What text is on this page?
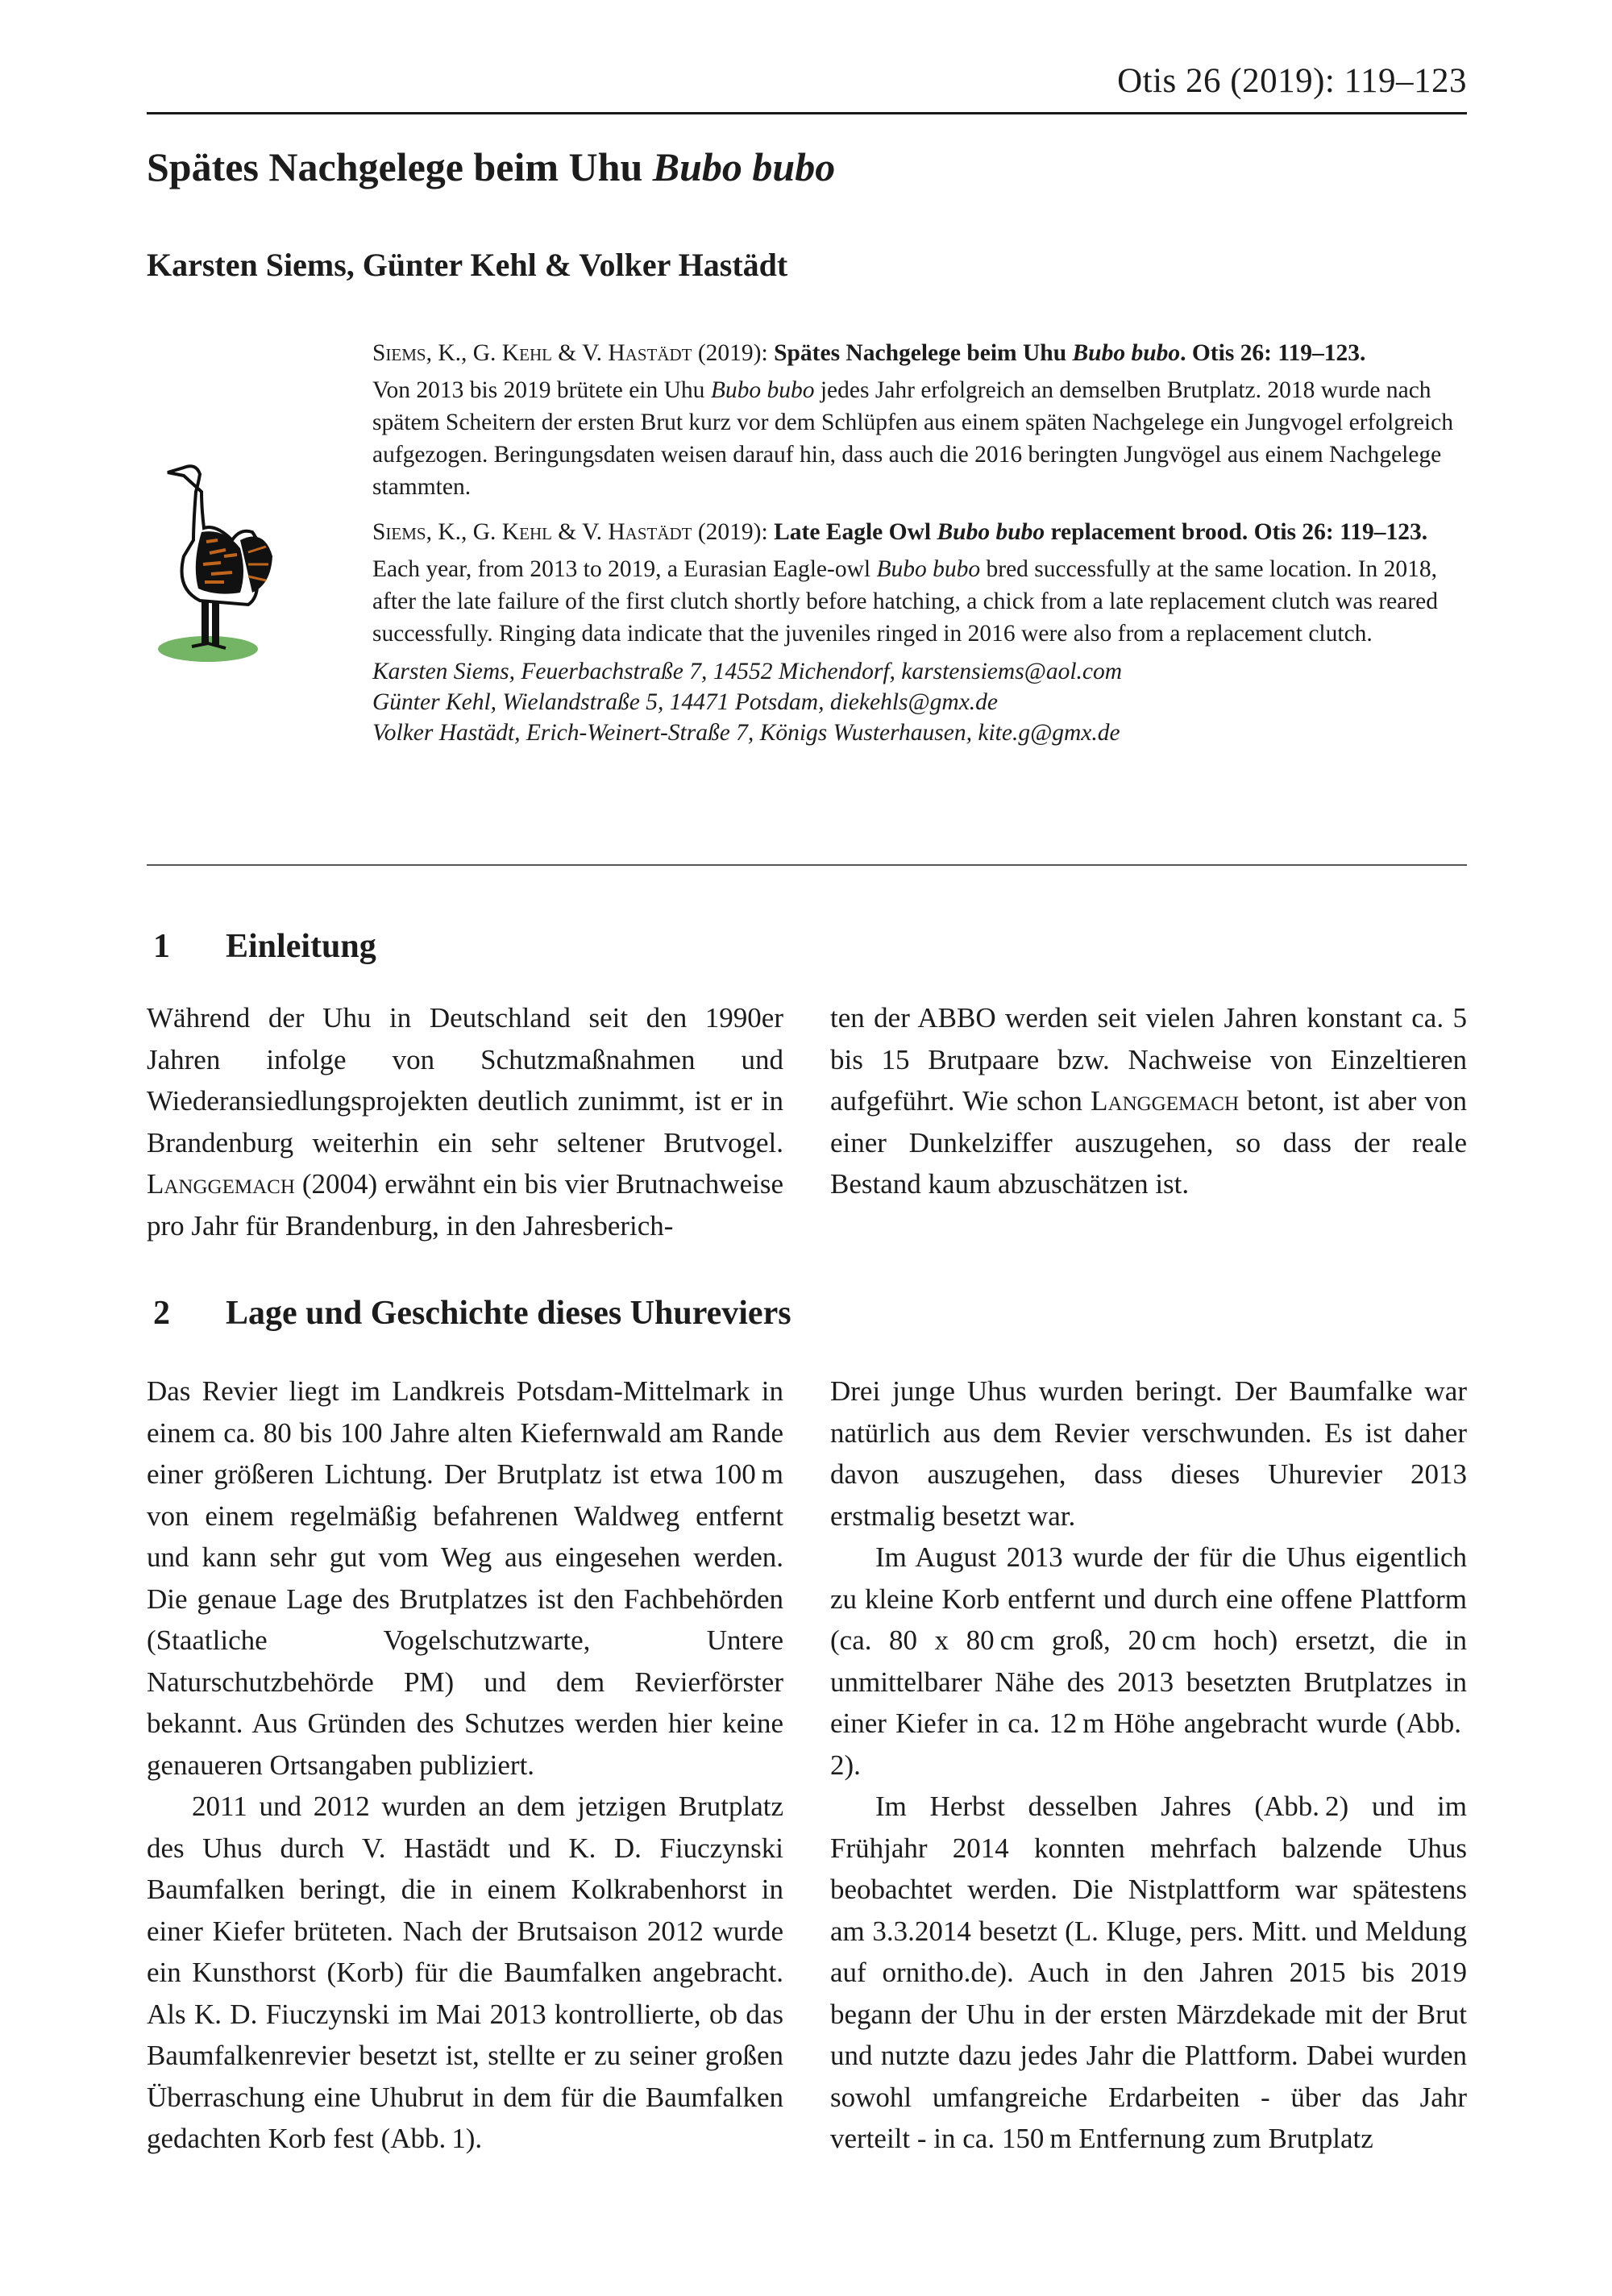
Otis 26 (2019): 119–123
Spätes Nachgelege beim Uhu Bubo bubo
Karsten Siems, Günter Kehl & Volker Hastädt

Siems, K., G. Kehl & V. Hastädt (2019): Spätes Nachgelege beim Uhu Bubo bubo. Otis 26: 119–123.

Von 2013 bis 2019 brütete ein Uhu Bubo bubo jedes Jahr erfolgreich an demselben Brutplatz. 2018 wurde nach spätem Scheitern der ersten Brut kurz vor dem Schlüpfen aus einem späten Nachgelege ein Jungvogel erfolgreich aufgezogen. Beringungsdaten weisen darauf hin, dass auch die 2016 beringten Jungvögel aus einem Nachgelege stammten.

Siems, K., G. Kehl & V. Hastädt (2019): Late Eagle Owl Bubo bubo replacement brood. Otis 26: 119–123.

Each year, from 2013 to 2019, a Eurasian Eagle-owl Bubo bubo bred successfully at the same location. In 2018, after the late failure of the first clutch shortly before hatching, a chick from a late replacement clutch was reared successfully. Ringing data indicate that the juveniles ringed in 2016 were also from a replacement clutch.

Karsten Siems, Feuerbachstraße 7, 14552 Michendorf, karstensiems@aol.com

Günter Kehl, Wielandstraße 5, 14471 Potsdam, diekehls@gmx.de

Volker Hastädt, Erich-Weinert-Straße 7, Königs Wusterhausen, kite.g@gmx.de

1 Einleitung

Während der Uhu in Deutschland seit den 1990er Jahren infolge von Schutzmaßnahmen und Wiederansiedlungsprojekten deutlich zunimmt, ist er in Brandenburg weiterhin ein sehr seltener Brutvogel. Langgemach (2004) erwähnt ein bis vier Brutnachweise pro Jahr für Brandenburg, in den Jahresberich-

ten der ABBO werden seit vielen Jahren konstant ca. 5 bis 15 Brutpaare bzw. Nachweise von Einzeltieren aufgeführt. Wie schon Langgemach betont, ist aber von einer Dunkelziffer auszugehen, so dass der reale Bestand kaum abzuschätzen ist.

2 Lage und Geschichte dieses Uhureviers

Das Revier liegt im Landkreis Potsdam-Mittelmark in einem ca. 80 bis 100 Jahre alten Kiefernwald am Rande einer größeren Lichtung. Der Brutplatz ist etwa 100 m von einem regelmäßig befahrenen Waldweg entfernt und kann sehr gut vom Weg aus eingesehen werden. Die genaue Lage des Brutplatzes ist den Fachbehörden (Staatliche Vogelschutzwarte, Untere Naturschutzbehörde PM) und dem Revierförster bekannt. Aus Gründen des Schutzes werden hier keine genaueren Ortsangaben publiziert.

2011 und 2012 wurden an dem jetzigen Brutplatz des Uhus durch V. Hastädt und K. D. Fiuczynski Baumfalken beringt, die in einem Kolkrabenhorst in einer Kiefer brüteten. Nach der Brutsaison 2012 wurde ein Kunsthorst (Korb) für die Baumfalken angebracht. Als K. D. Fiuczynski im Mai 2013 kontrollierte, ob das Baumfalkenrevier besetzt ist, stellte er zu seiner großen Überraschung eine Uhubrut in dem für die Baumfalken gedachten Korb fest (Abb. 1).

Drei junge Uhus wurden beringt. Der Baumfalke war natürlich aus dem Revier verschwunden. Es ist daher davon auszugehen, dass dieses Uhurevier 2013 erstmalig besetzt war.

Im August 2013 wurde der für die Uhus eigentlich zu kleine Korb entfernt und durch eine offene Plattform (ca. 80 x 80 cm groß, 20 cm hoch) ersetzt, die in unmittelbarer Nähe des 2013 besetzten Brutplatzes in einer Kiefer in ca. 12 m Höhe angebracht wurde (Abb. 2).

Im Herbst desselben Jahres (Abb. 2) und im Frühjahr 2014 konnten mehrfach balzende Uhus beobachtet werden. Die Nistplattform war spätestens am 3.3.2014 besetzt (L. Kluge, pers. Mitt. und Meldung auf ornitho.de). Auch in den Jahren 2015 bis 2019 begann der Uhu in der ersten Märzdekade mit der Brut und nutzte dazu jedes Jahr die Plattform. Dabei wurden sowohl umfangreiche Erdarbeiten - über das Jahr verteilt - in ca. 150 m Entfernung zum Brutplatz
